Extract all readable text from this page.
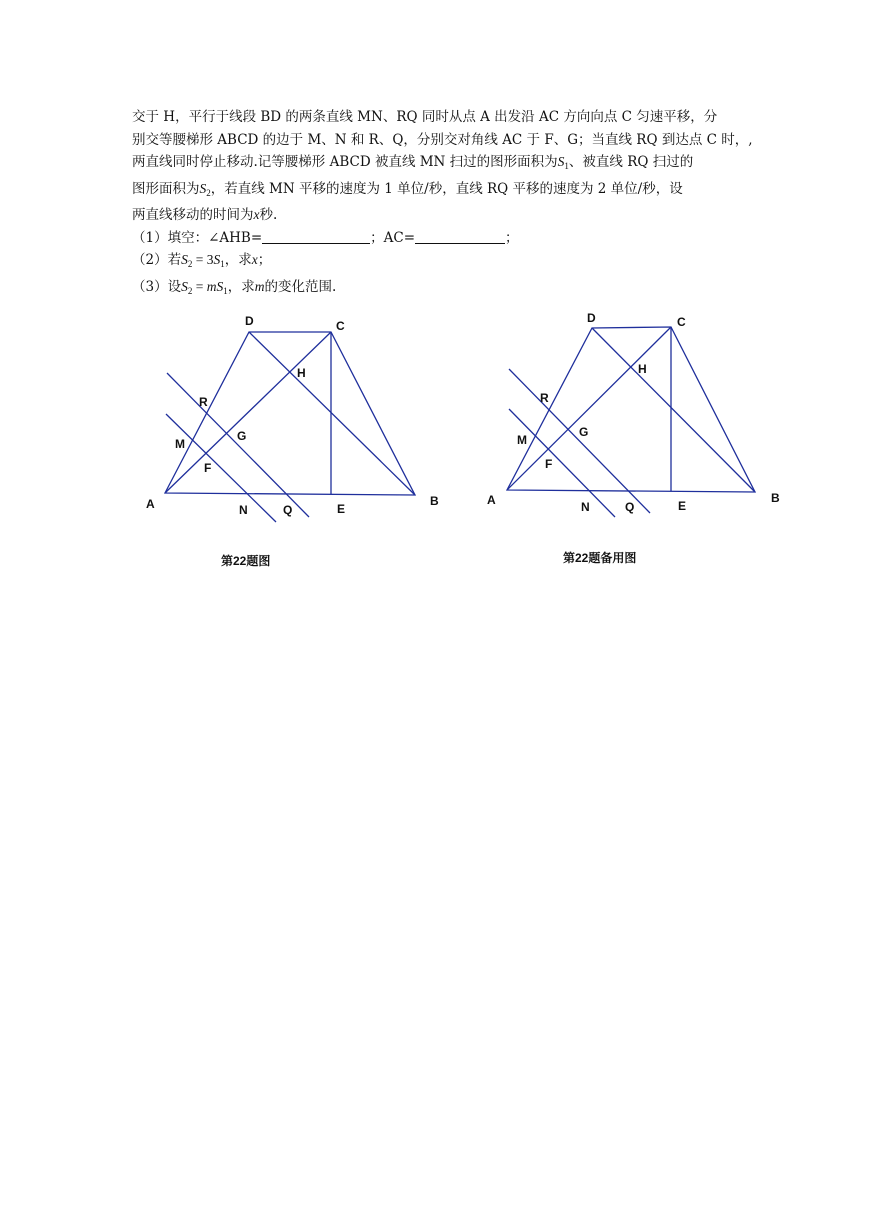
交于 H，平行于线段 BD 的两条直线 MN、RQ 同时从点 A 出发沿 AC 方向向点 C 匀速平移，分

别交等腰梯形 ABCD 的边于 M、N 和 R、Q，分别交对角线 AC 于 F、G；当直线 RQ 到达点 C 时，,

两直线同时停止移动.记等腰梯形 ABCD 被直线 MN 扫过的图形面积为$S_1$、被直线 RQ 扫过的

图形面积为$S_2$，若直线 MN 平移的速度为 1 单位/秒，直线 RQ 平移的速度为 2 单位/秒，设

两直线移动的时间为x秒.

（1）填空：∠AHB=	；AC=	；

（2）若$S_2 = 3S_1$，求x；

（3）设$S_2 = mS_1$，求m的变化范围.

A	B
C
D
E
H
R
M
G
F
N	Q
A	B
C
D
E
H
R
M
G
F
N	Q
第22题图	第22题备用图
